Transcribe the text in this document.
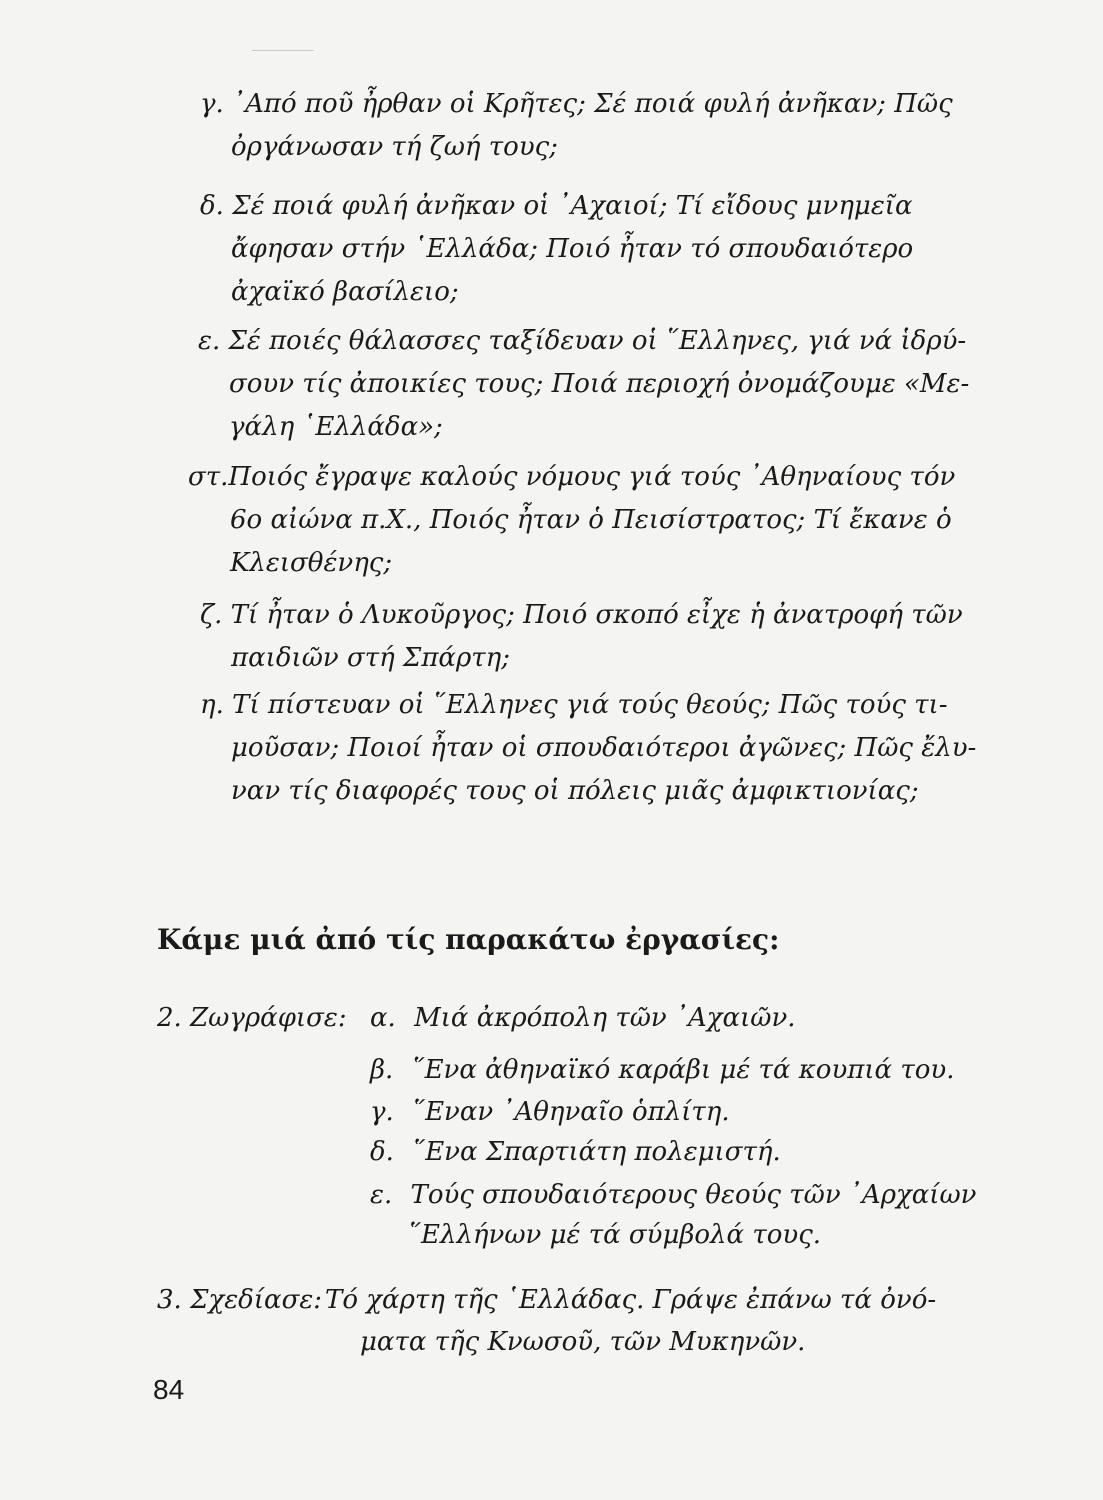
γ. ᾿Από ποῦ ἦρθαν οἱ Κρῆτες; Σέ ποιά φυλή ἀνῆκαν; Πῶς
ὀργάνωσαν τή ζωή τους;
δ. Σέ ποιά φυλή ἀνῆκαν οἱ ᾿Αχαιοί; Τί εἴδους μνημεῖα
ἄφησαν στήν ῾Ελλάδα; Ποιό ἦταν τό σπουδαιότερο
ἀχαϊκό βασίλειο;
ε. Σέ ποιές θάλασσες ταξίδευαν οἱ ῞Ελληνες, γιά νά ἱδρύ-
σουν τίς ἀποικίες τους; Ποιά περιοχή ὀνομάζουμε «Με-
γάλη ῾Ελλάδα»;
στ.Ποιός ἔγραψε καλούς νόμους γιά τούς ᾿Αθηναίους τόν
6ο αἰώνα π.Χ., Ποιός ἦταν ὁ Πεισίστρατος; Τί ἔκανε ὁ
Κλεισθένης;
ζ. Τί ἦταν ὁ Λυκοῦργος; Ποιό σκοπό εἶχε ἡ ἀνατροφή τῶν
παιδιῶν στή Σπάρτη;
η. Τί πίστευαν οἱ ῞Ελληνες γιά τούς θεούς; Πῶς τούς τι-
μοῦσαν; Ποιοί ἦταν οἱ σπουδαιότεροι ἀγῶνες; Πῶς ἔλυ-
ναν τίς διαφορές τους οἱ πόλεις μιᾶς ἀμφικτιονίας;
Κάμε μιά ἀπό τίς παρακάτω ἐργασίες:
2. Ζωγράφισε: α. Μιά ἀκρόπολη τῶν ᾿Αχαιῶν.
β. ῞Ενα ἀθηναϊκό καράβι μέ τά κουπιά του.
γ. ῞Εναν ᾿Αθηναῖο ὁπλίτη.
δ. ῞Ενα Σπαρτιάτη πολεμιστή.
ε. Τούς σπουδαιότερους θεούς τῶν ᾿Αρχαίων
῞Ελλήνων μέ τά σύμβολά τους.
3. Σχεδίασε: Τό χάρτη τῆς ῾Ελλάδας. Γράψε ἐπάνω τά ὀνό-
ματα τῆς Κνωσοῦ, τῶν Μυκηνῶν.
84
